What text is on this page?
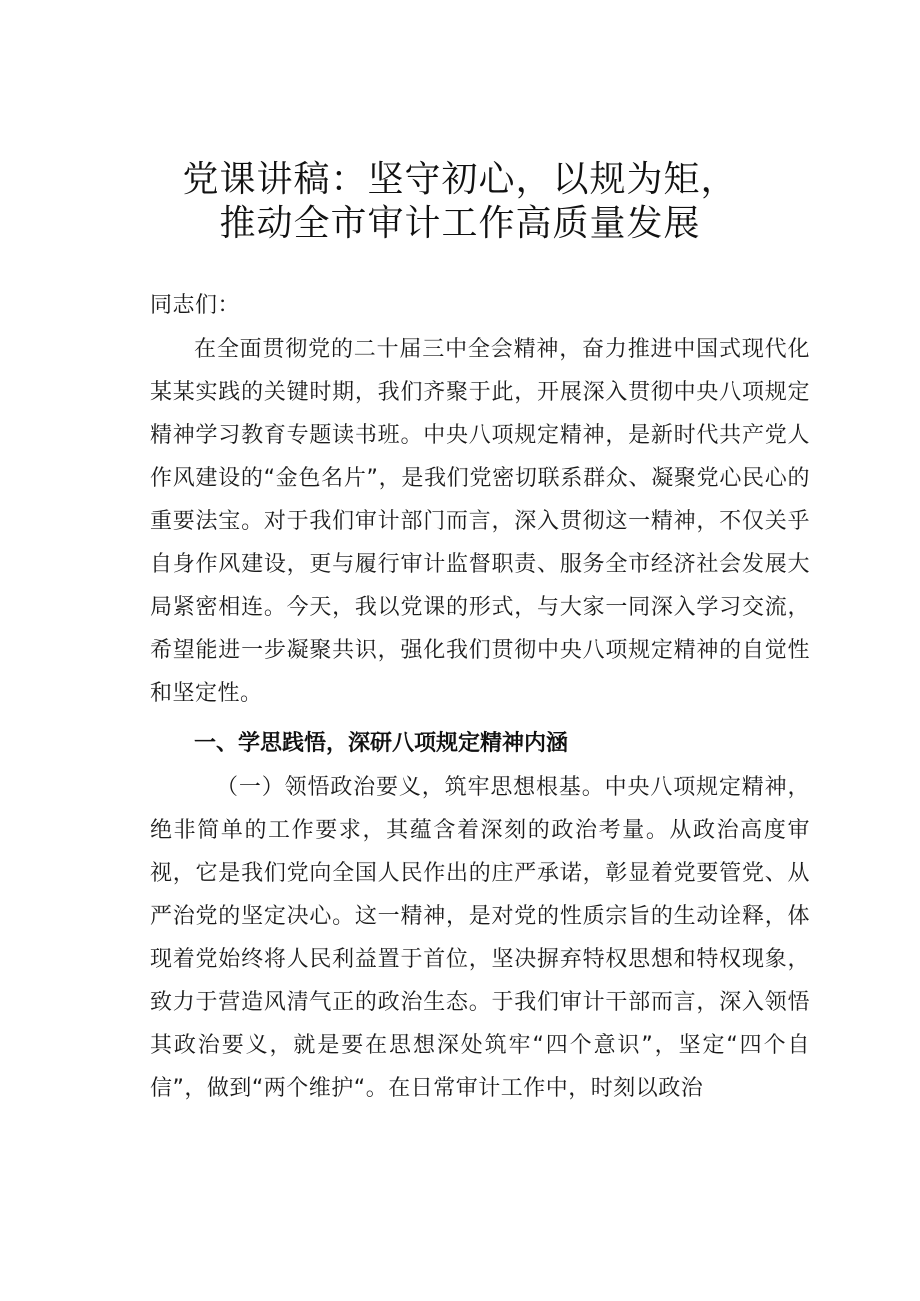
党课讲稿：坚守初心，以规为矩，
推动全市审计工作高质量发展
同志们：
在全面贯彻党的二十届三中全会精神，奋力推进中国式现代化某某实践的关键时期，我们齐聚于此，开展深入贯彻中央八项规定精神学习教育专题读书班。中央八项规定精神，是新时代共产党人作风建设的“金色名片”，是我们党密切联系群众、凝聚党心民心的重要法宝。对于我们审计部门而言，深入贯彻这一精神，不仅关乎自身作风建设，更与履行审计监督职责、服务全市经济社会发展大局紧密相连。今天，我以党课的形式，与大家一同深入学习交流，希望能进一步凝聚共识，强化我们贯彻中央八项规定精神的自觉性和坚定性。
一、学思践悟，深研八项规定精神内涵
（一）领悟政治要义，筑牢思想根基。中央八项规定精神，绝非简单的工作要求，其蕴含着深刻的政治考量。从政治高度审视，它是我们党向全国人民作出的庄严承诺，彰显着党要管党、从严治党的坚定决心。这一精神，是对党的性质宗旨的生动诠释，体现着党始终将人民利益置于首位，坚决摒弃特权思想和特权现象，致力于营造风清气正的政治生态。于我们审计干部而言，深入领悟其政治要义，就是要在思想深处筑牢“四个意识”，坚定“四个自信”，做到“两个维护“。在日常审计工作中，时刻以政治
